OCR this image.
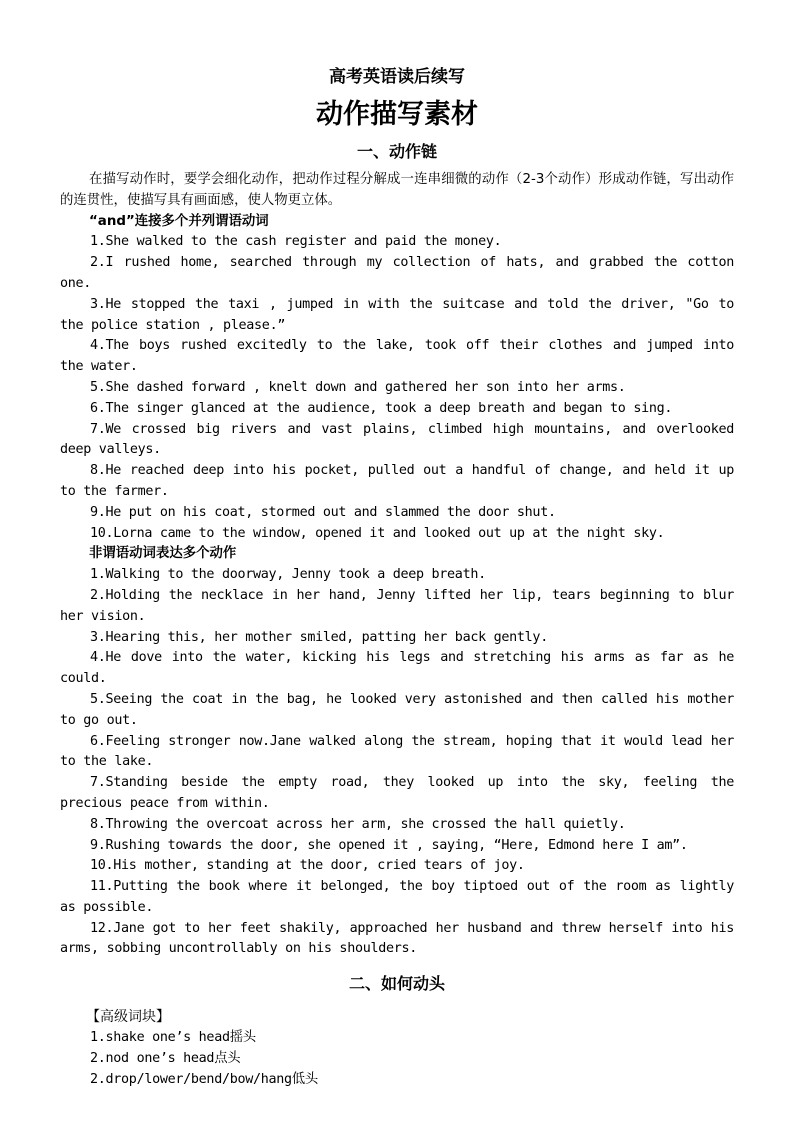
高考英语读后续写
动作描写素材
一、动作链

在描写动作时，要学会细化动作，把动作过程分解成一连串细微的动作（2-3个动作）形成动作链，写出动作的连贯性，使描写具有画面感，使人物更立体。

“and”连接多个并列谓语动词
1.She walked to the cash register and paid the money.
2.I rushed home, searched through my collection of hats, and grabbed the cotton one.
3.He stopped the taxi , jumped in with the suitcase and told the driver, "Go to the police station , please.”
4.The boys rushed excitedly to the lake, took off their clothes and jumped into the water.
5.She dashed forward , knelt down and gathered her son into her arms.
6.The singer glanced at the audience, took a deep breath and began to sing.
7.We crossed big rivers and vast plains, climbed high mountains, and overlooked deep valleys.
8.He reached deep into his pocket, pulled out a handful of change, and held it up to the farmer.
9.He put on his coat, stormed out and slammed the door shut.
10.Lorna came to the window, opened it and looked out up at the night sky.
非谓语动词表达多个动作
1.Walking to the doorway, Jenny took a deep breath.
2.Holding the necklace in her hand, Jenny lifted her lip, tears beginning to blur her vision.
3.Hearing this, her mother smiled, patting her back gently.
4.He dove into the water, kicking his legs and stretching his arms as far as he could.
5.Seeing the coat in the bag, he looked very astonished and then called his mother to go out.
6.Feeling stronger now.Jane walked along the stream, hoping that it would lead her to the lake.
7.Standing beside the empty road, they looked up into the sky, feeling the precious peace from within.
8.Throwing the overcoat across her arm, she crossed the hall quietly.
9.Rushing towards the door, she opened it , saying, “Here, Edmond here I am”.
10.His mother, standing at the door, cried tears of joy.
11.Putting the book where it belonged, the boy tiptoed out of the room as lightly as possible.
12.Jane got to her feet shakily, approached her husband and threw herself into his arms, sobbing uncontrollably on his shoulders.
二、如何动头
【高级词块】
1.shake one’s head摇头
2.nod one’s head点头
2.drop/lower/bend/bow/hang低头
